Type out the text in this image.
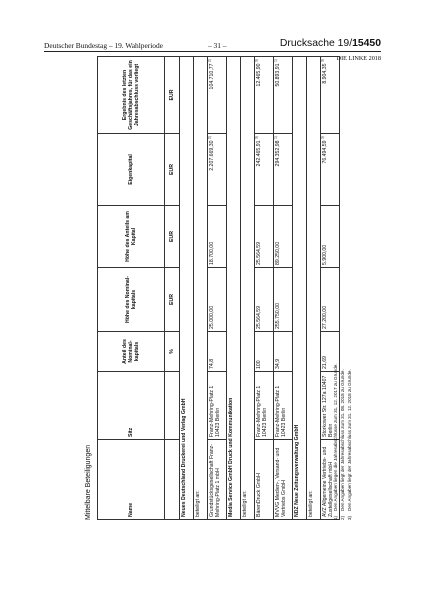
Deutscher Bundestag – 19. Wahlperiode	– 31 –	Drucksache 19/15450
DIE LINKE 2018
Mittelbare Beteiligungen	Name	Sitz	Anteil des Nominal-kapitals	Höhe des Nominal-kapitals	Höhe des Anteils am Kapital	Eigenkapital	Ergebnis des letzten Geschäftsjahres, für das ein Jahresabschluss vorliegt
		%	EUR	EUR	EUR	EUR
Neues Deutschland Druckerei und Verlag GmbH						
beteiligt an:						
Grundstücksgesellschaft Franz-Mehring-Platz 1 mbH	Franz-Mehring-Platz 1 10423 Berlin	74,8	25.000,00	18.700,00	2.207.669,30 $^{2)}$	104.710,77 $^{2)}$
Media Service GmbH Druck und Kommunikation						
beteiligt an:						
BärenDruck GmbH	Franz-Mehring-Platz 1 10423 Berlin	100	25.564,59	25.564,59	242.465,91 $^{3)}$	12.465,90 $^{3)}$
MVVG Medien-, Versand- und Vertriebs GmbH	Franz-Mehring-Platz 1 10423 Berlin	34,9	255.750,00	89.250,00	294.352,98 $^{1)}$	50.893,91 $^{1)}$
NDZ Neue Zeitungsverwaltung GmbH						
beteiligt an:						
AVZ Allgemeine Vertriebs- und Zustellgesellschaft mbH	Storkower Str. 127a 10407 Berlin	21,69	27.200,00	5.900,00	76.494,59 $^{3)}$	8.904,35 $^{3)}$
1)Den Angaben liegen die Jahresabschlüsse zum 31. 12. 2017 zu Grunde.
2)Den Angaben liegt der Jahresabschluss zum 31. 08. 2018 zu Grunde.
3)Den Angaben liegt der Jahresabschluss zum 31. 12. 2018 zu Grunde.
